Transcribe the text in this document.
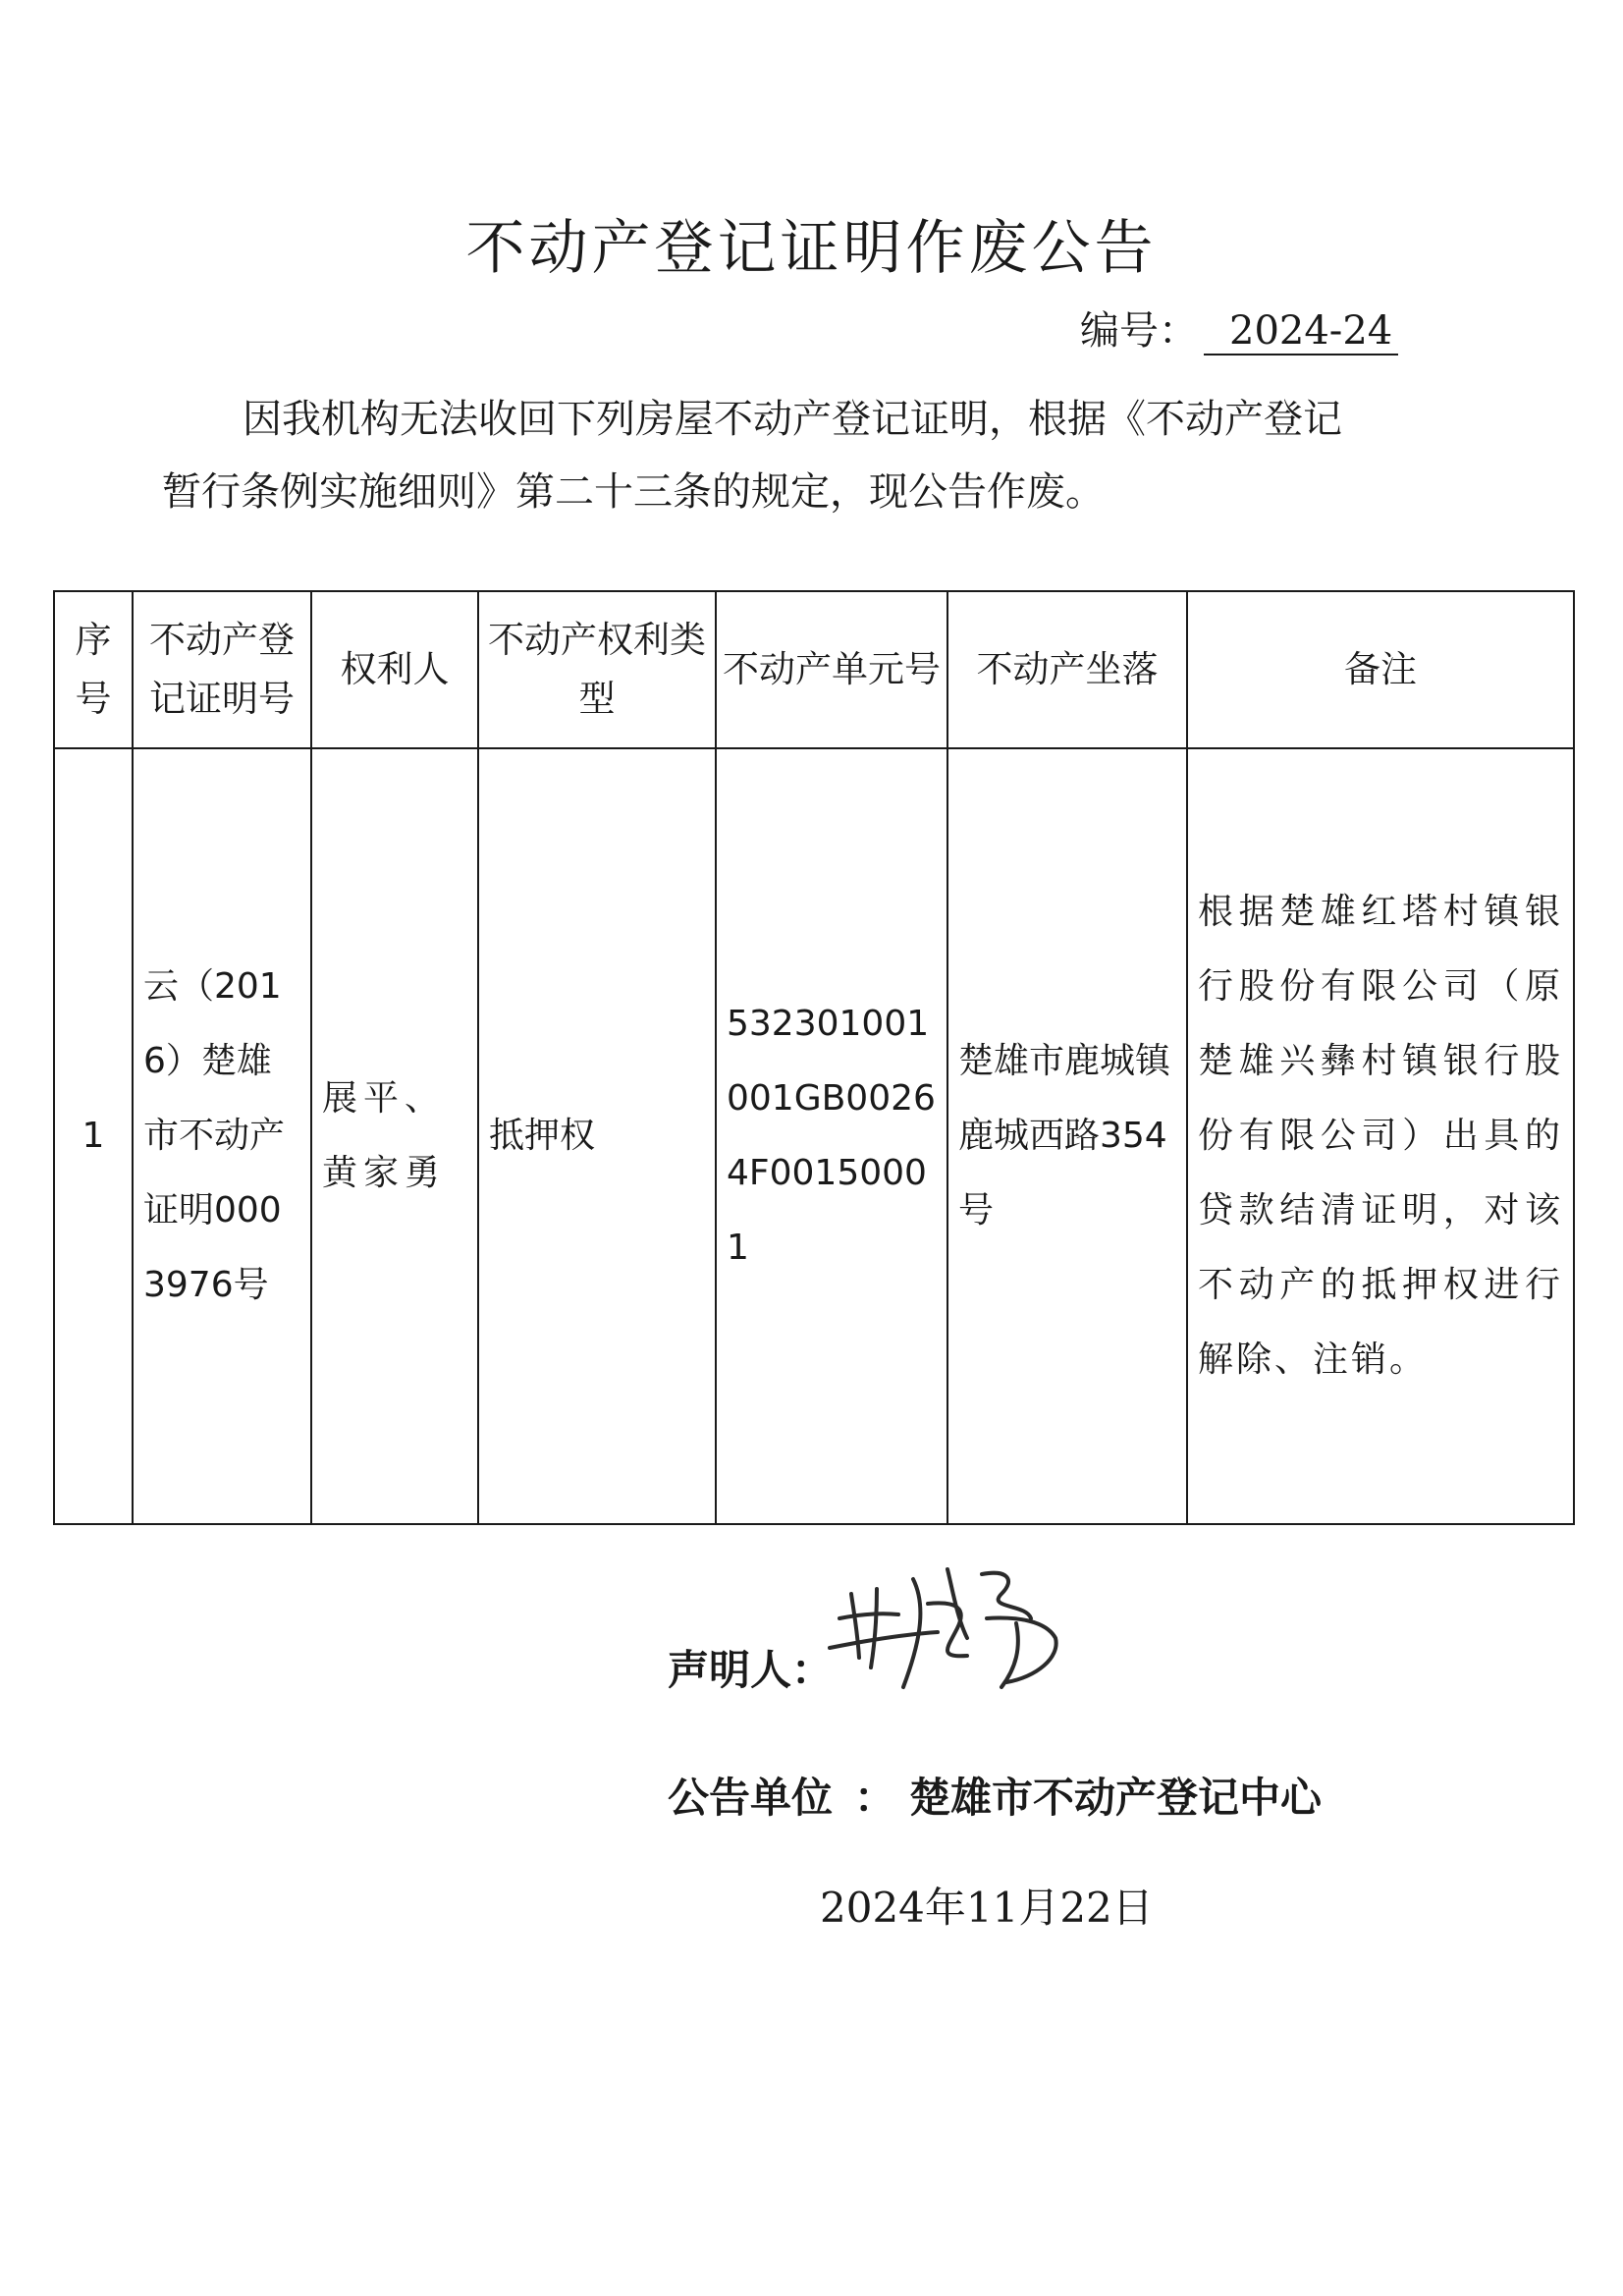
不动产登记证明作废公告
编号： 2024-24
因我机构无法收回下列房屋不动产登记证明，根据《不动产登记
暂行条例实施细则》第二十三条的规定，现公告作废。
序号	不动产登记证明号	权利人	不动产权利类型	不动产单元号	不动产坐落	备注
1	云（2016）楚雄市不动产证明0003976号	展平、黄家勇	抵押权	532301001001GB00264F00150001	楚雄市鹿城镇鹿城西路354号	根据楚雄红塔村镇银行股份有限公司（原楚雄兴彝村镇银行股份有限公司）出具的贷款结清证明，对该不动产的抵押权进行解除、注销。
声明人：
公告单位 ： 楚雄市不动产登记中心
2024年11月22日
